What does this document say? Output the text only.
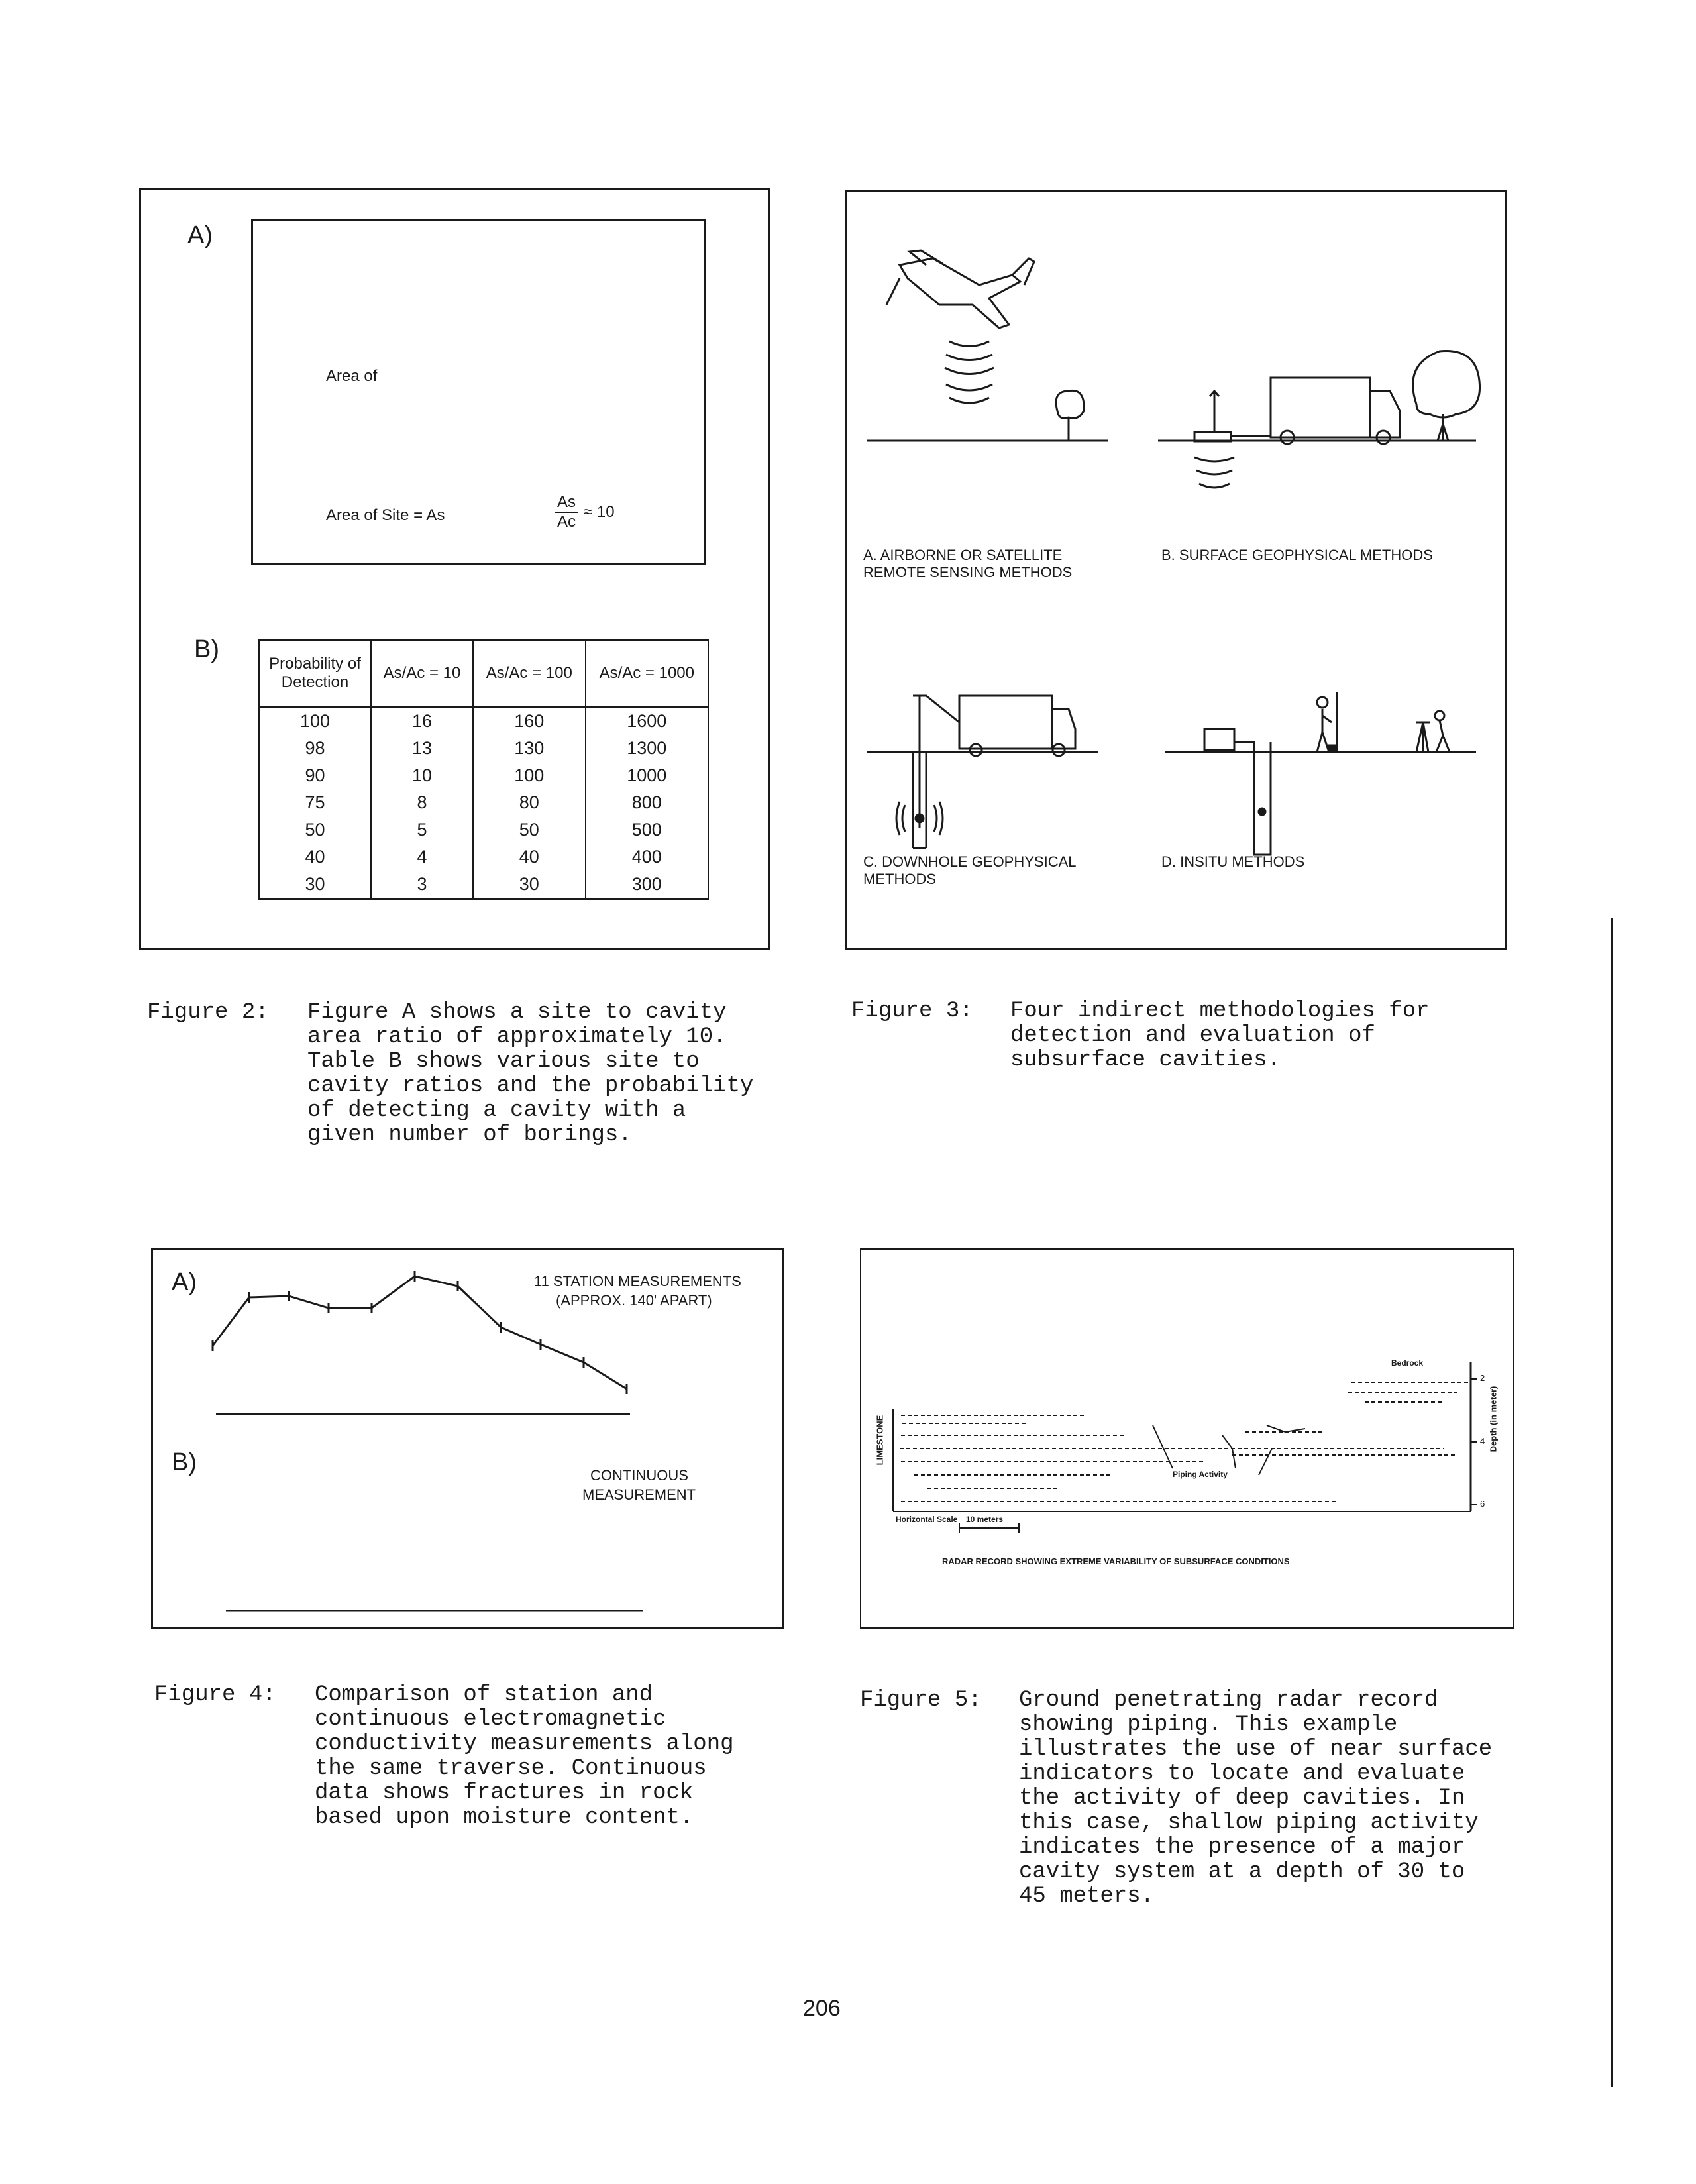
A)
Area of
Area of Site = As	$\frac{As}{Ac} \approx 10$
B)
Probability of Detection	As/Ac = 10	As/Ac = 100	As/Ac = 1000
100	16	160	1600
98	13	130	1300
90	10	100	1000
75	8	80	800
50	5	50	500
40	4	40	400
30	3	30	300
Figure 2: Figure A shows a site to cavity area ratio of approximately 10. Table B shows various site to cavity ratios and the probability of detecting a cavity with a given number of borings.
A. AIRBORNE OR SATELLITE REMOTE SENSING METHODS
B. SURFACE GEOPHYSICAL METHODS
C. DOWNHOLE GEOPHYSICAL METHODS
D. INSITU METHODS
Figure 3: Four indirect methodologies for detection and evaluation of subsurface cavities.
A)	11 STATION MEASUREMENTS
(APPROX. 140' APART)
B)	CONTINUOUS
MEASUREMENT
Figure 4: Comparison of station and continuous electromagnetic conductivity measurements along the same traverse. Continuous data shows fractures in rock based upon moisture content.
Bedrock
LIMESTONE	Depth (in meter)
2
4
6
Piping Activity
Horizontal Scale 10 meters
RADAR RECORD SHOWING EXTREME VARIABILITY OF SUBSURFACE CONDITIONS
Figure 5: Ground penetrating radar record showing piping. This example illustrates the use of near surface indicators to locate and evaluate the activity of deep cavities. In this case, shallow piping activity indicates the presence of a major cavity system at a depth of 30 to 45 meters.
206
